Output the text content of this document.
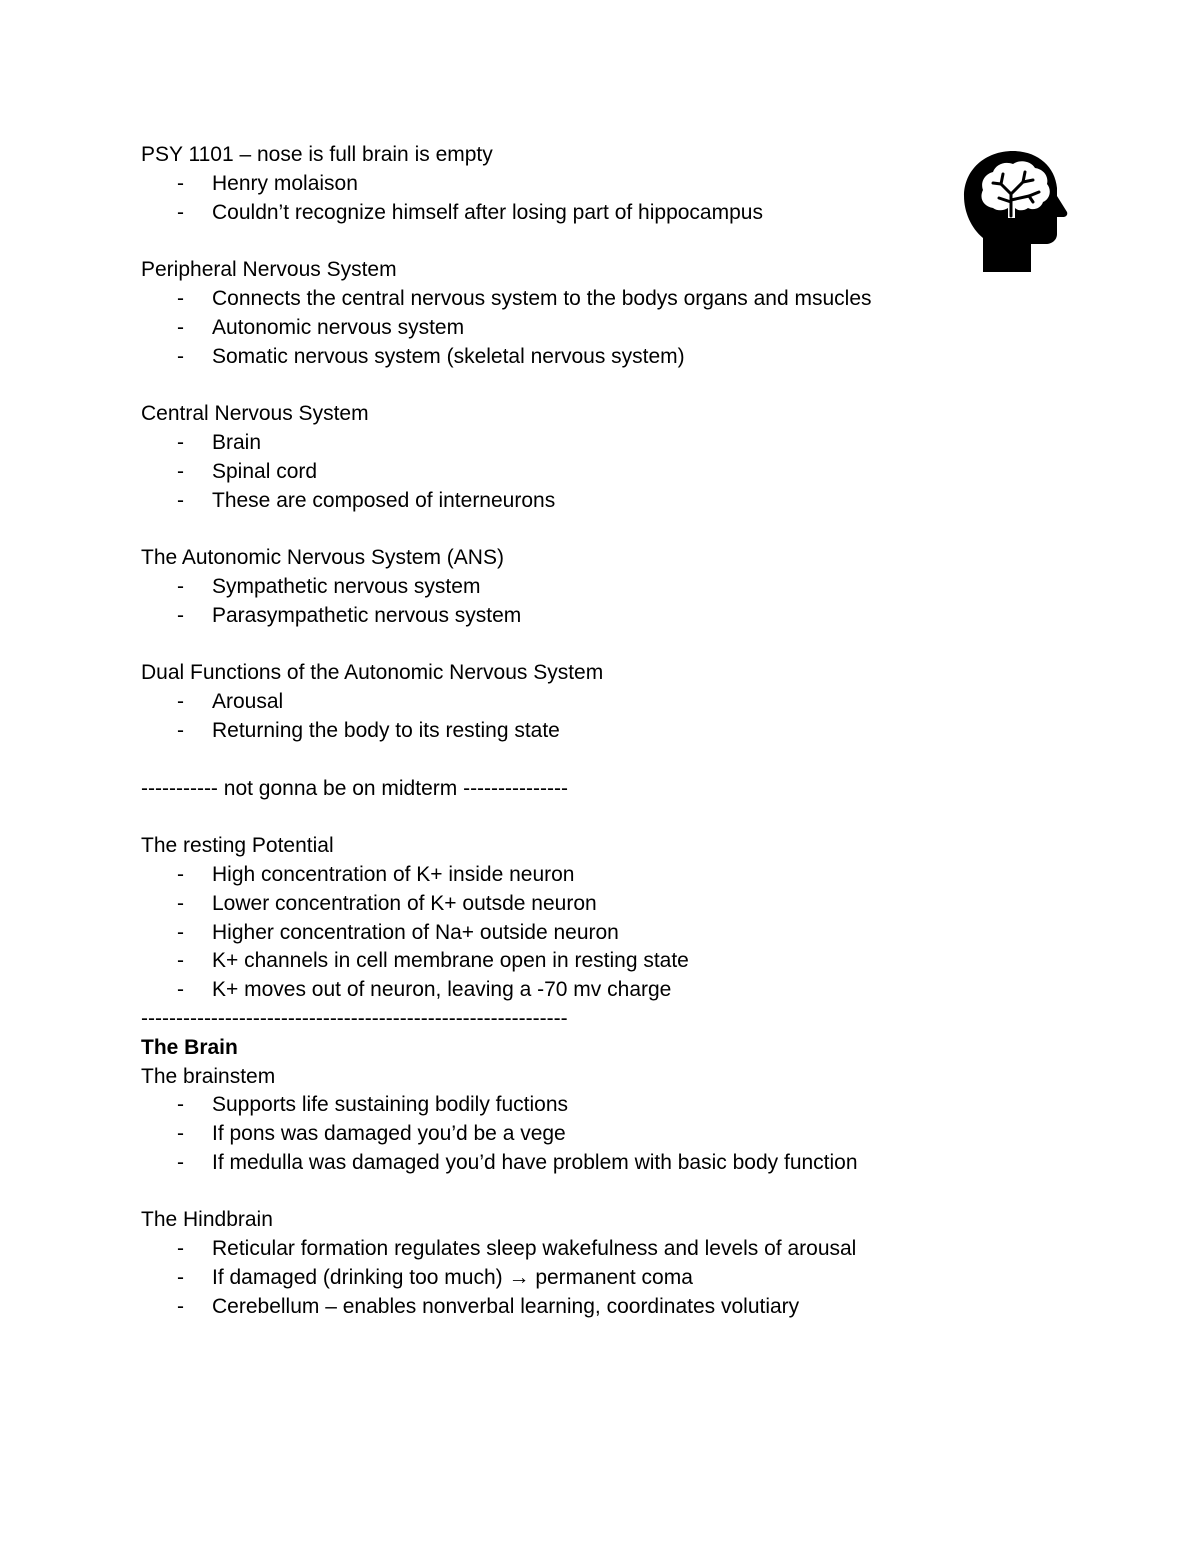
PSY 1101 – nose is full brain is empty
- Henry molaison
- Couldn’t recognize himself after losing part of hippocampus
Peripheral Nervous System
- Connects the central nervous system to the bodys organs and msucles
- Autonomic nervous system
- Somatic nervous system (skeletal nervous system)
Central Nervous System
- Brain
- Spinal cord
- These are composed of interneurons
The Autonomic Nervous System (ANS)
- Sympathetic nervous system
- Parasympathetic nervous system
Dual Functions of the Autonomic Nervous System
- Arousal
- Returning the body to its resting state
----------- not gonna be on midterm ---------------
The resting Potential
- High concentration of K+ inside neuron
- Lower concentration of K+ outsde neuron
- Higher concentration of Na+ outside neuron
- K+ channels in cell membrane open in resting state
- K+ moves out of neuron, leaving a -70 mv charge
-------------------------------------------------------------
The Brain
The brainstem
- Supports life sustaining bodily fuctions
- If pons was damaged you’d be a vege
- If medulla was damaged you’d have problem with basic body function
The Hindbrain
- Reticular formation regulates sleep wakefulness and levels of arousal
- If damaged (drinking too much) → permanent coma
- Cerebellum – enables nonverbal learning, coordinates volutiary
